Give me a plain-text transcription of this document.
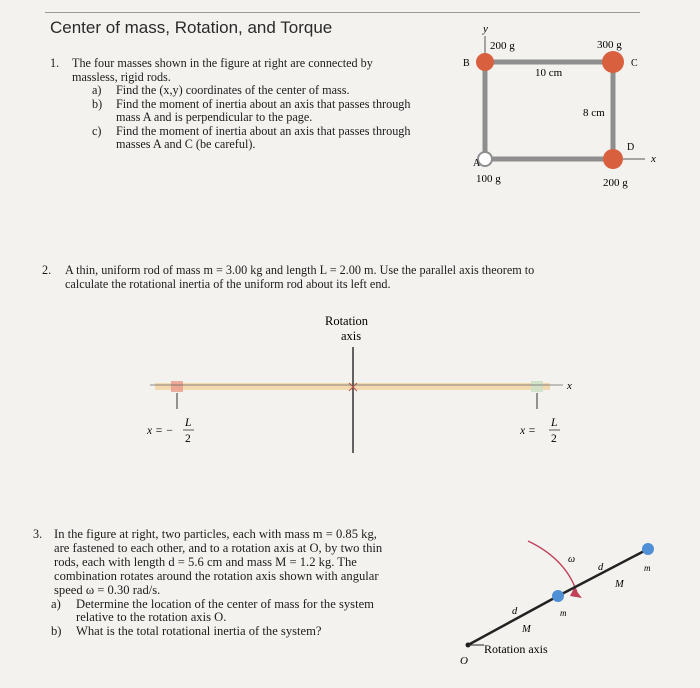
Center of mass, Rotation, and Torque
1. The four masses shown in the figure at right are connected by
massless, rigid rods.
a) Find the (x,y) coordinates of the center of mass.
b) Find the moment of inertia about an axis that passes through
mass A and is perpendicular to the page.
c) Find the moment of inertia about an axis that passes through
masses A and C (be careful).
y
x
B
A
C
D
200 g	300 g
100 g	200 g
10 cm
8 cm
2. A thin, uniform rod of mass m = 3.00 kg and length L = 2.00 m. Use the parallel axis theorem to
calculate the rotational inertia of the uniform rod about its left end.
Rotation
axis
x
x = −
L
2
x =
L
2
3. In the figure at right, two particles, each with mass m = 0.85 kg,
are fastened to each other, and to a rotation axis at O, by two thin
rods, each with length d = 5.6 cm and mass M = 1.2 kg. The
combination rotates around the rotation axis shown with angular
speed ω = 0.30 rad/s.
a) Determine the location of the center of mass for the system
relative to the rotation axis O.
b) What is the total rotational inertia of the system?
ω
O
d
d
M
M
m
m
Rotation axis
